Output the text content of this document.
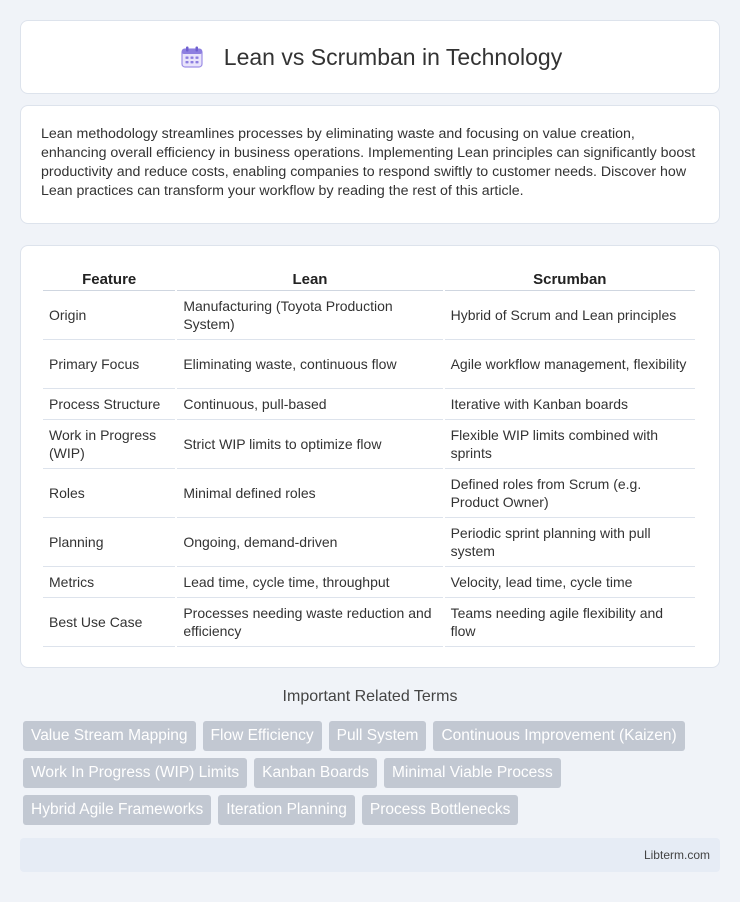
Lean vs Scrumban in Technology

Lean methodology streamlines processes by eliminating waste and focusing on value creation, enhancing overall efficiency in business operations. Implementing Lean principles can significantly boost productivity and reduce costs, enabling companies to respond swiftly to customer needs. Discover how Lean practices can transform your workflow by reading the rest of this article.

Feature	Lean	Scrumban
Origin	Manufacturing (Toyota Production System)	Hybrid of Scrum and Lean principles
Primary Focus	Eliminating waste, continuous flow	Agile workflow management, flexibility
Process Structure	Continuous, pull-based	Iterative with Kanban boards
Work in Progress (WIP)	Strict WIP limits to optimize flow	Flexible WIP limits combined with sprints
Roles	Minimal defined roles	Defined roles from Scrum (e.g. Product Owner)
Planning	Ongoing, demand-driven	Periodic sprint planning with pull system
Metrics	Lead time, cycle time, throughput	Velocity, lead time, cycle time
Best Use Case	Processes needing waste reduction and efficiency	Teams needing agile flexibility and flow
Important Related Terms
Value Stream Mapping	Flow Efficiency	Pull System	Continuous Improvement (Kaizen)
Work In Progress (WIP) Limits	Kanban Boards	Minimal Viable Process
Hybrid Agile Frameworks	Iteration Planning	Process Bottlenecks
Libterm.com
